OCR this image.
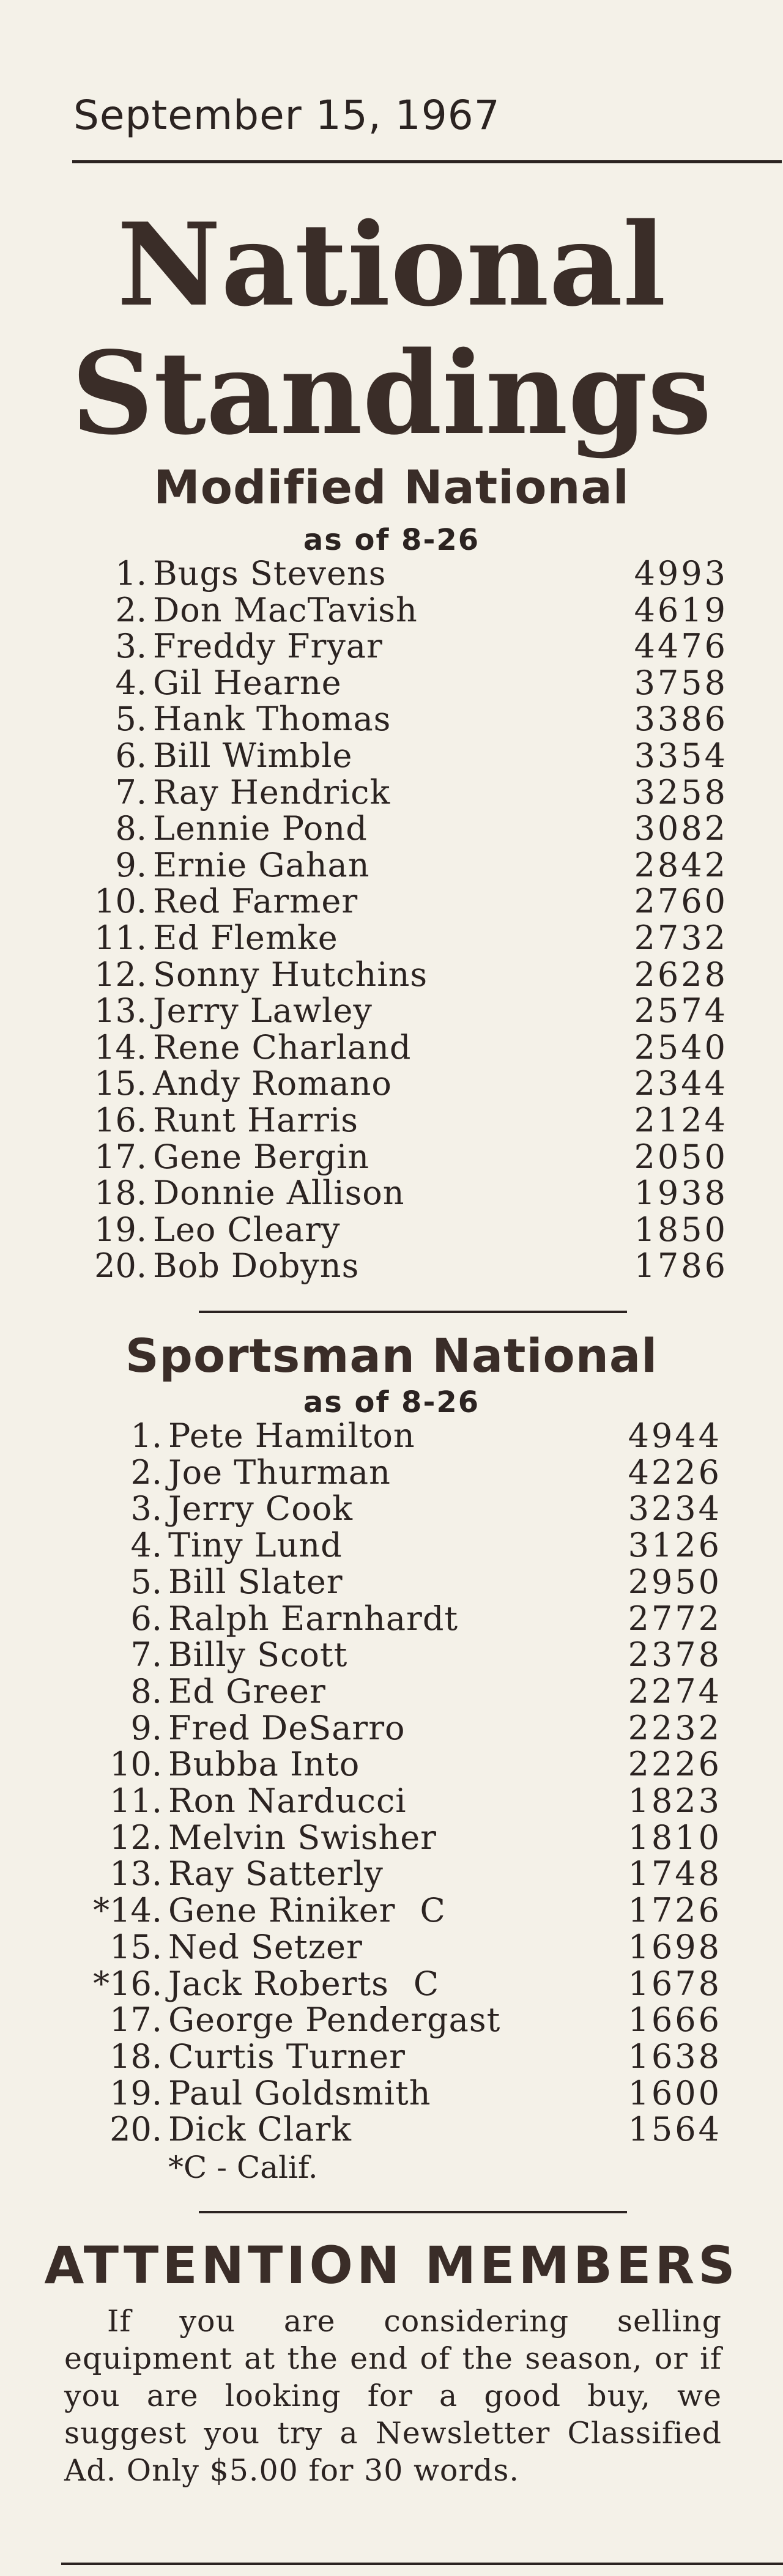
September 15, 1967
National
Standings
Modified National
as of 8-26
1. Bugs Stevens	4993
2. Don MacTavish	4619
3. Freddy Fryar	4476
4. Gil Hearne	3758
5. Hank Thomas	3386
6. Bill Wimble	3354
7. Ray Hendrick	3258
8. Lennie Pond	3082
9. Ernie Gahan	2842
10. Red Farmer	2760
11. Ed Flemke	2732
12. Sonny Hutchins	2628
13. Jerry Lawley	2574
14. Rene Charland	2540
15. Andy Romano	2344
16. Runt Harris	2124
17. Gene Bergin	2050
18. Donnie Allison	1938
19. Leo Cleary	1850
20. Bob Dobyns	1786
Sportsman National
as of 8-26
1. Pete Hamilton	4944
2. Joe Thurman	4226
3. Jerry Cook	3234
4. Tiny Lund	3126
5. Bill Slater	2950
6. Ralph Earnhardt	2772
7. Billy Scott	2378
8. Ed Greer	2274
9. Fred DeSarro	2232
10. Bubba Into	2226
11. Ron Narducci	1823
12. Melvin Swisher	1810
13. Ray Satterly	1748
*14. Gene Riniker C	1726
15. Ned Setzer	1698
*16. Jack Roberts C	1678
17. George Pendergast	1666
18. Curtis Turner	1638
19. Paul Goldsmith	1600
20. Dick Clark	1564
*C - Calif.
ATTENTION MEMBERS
If you are considering selling equipment at the end of the season, or if you are looking for a good buy, we suggest you try a Newsletter Classified Ad. Only $5.00 for 30 words.
